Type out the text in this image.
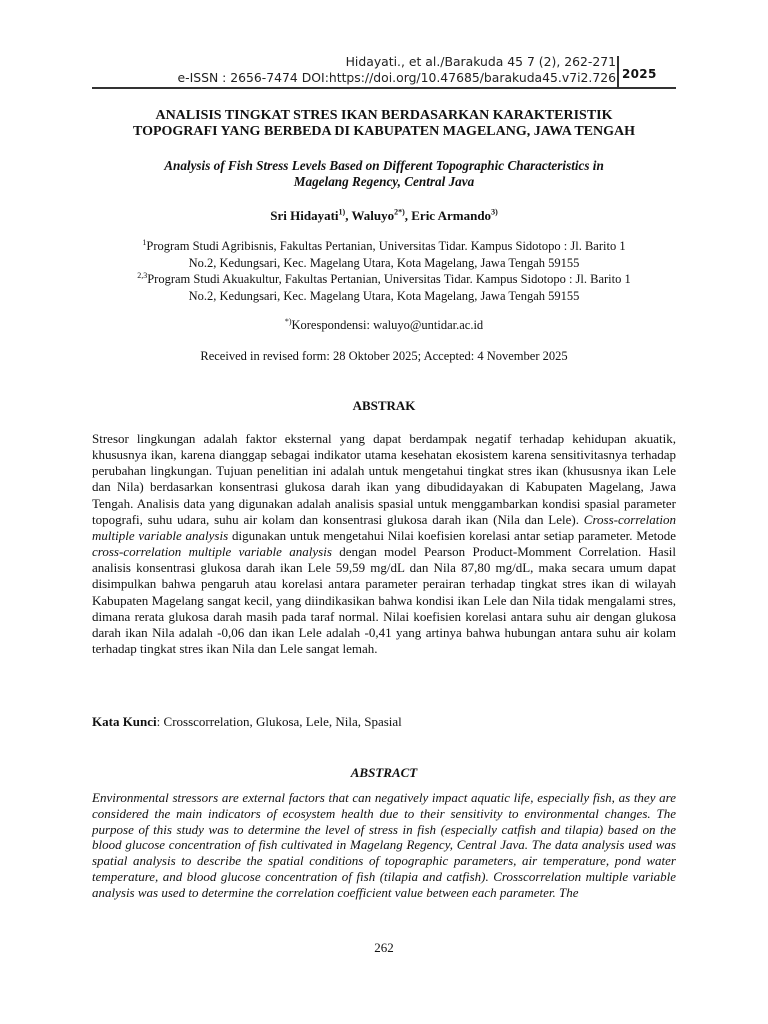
Hidayati., et al./Barakuda 45 7 (2), 262-271
e-ISSN : 2656-7474 DOI:https://doi.org/10.47685/barakuda45.v7i2.726 2025
ANALISIS TINGKAT STRES IKAN BERDASARKAN KARAKTERISTIK
TOPOGRAFI YANG BERBEDA DI KABUPATEN MAGELANG, JAWA TENGAH
Analysis of Fish Stress Levels Based on Different Topographic Characteristics in
Magelang Regency, Central Java
Sri Hidayati$^{1)}$, Waluyo$^{2*)}$, Eric Armando$^{3)}$

$^1$Program Studi Agribisnis, Fakultas Pertanian, Universitas Tidar. Kampus Sidotopo : Jl. Barito 1
No.2, Kedungsari, Kec. Magelang Utara, Kota Magelang, Jawa Tengah 59155

$^{2,3}$Program Studi Akuakultur, Fakultas Pertanian, Universitas Tidar. Kampus Sidotopo : Jl. Barito 1
No.2, Kedungsari, Kec. Magelang Utara, Kota Magelang, Jawa Tengah 59155

*)Korespondensi: waluyo@untidar.ac.id
Received in revised form: 28 Oktober 2025; Accepted: 4 November 2025
ABSTRAK
Stresor lingkungan adalah faktor eksternal yang dapat berdampak negatif terhadap kehidupan akuatik, khususnya ikan, karena dianggap sebagai indikator utama kesehatan ekosistem karena sensitivitasnya terhadap perubahan lingkungan. Tujuan penelitian ini adalah untuk mengetahui tingkat stres ikan (khususnya ikan Lele dan Nila) berdasarkan konsentrasi glukosa darah ikan yang dibudidayakan di Kabupaten Magelang, Jawa Tengah. Analisis data yang digunakan adalah analisis spasial untuk menggambarkan kondisi spasial parameter topografi, suhu udara, suhu air kolam dan konsentrasi glukosa darah ikan (Nila dan Lele). Cross-correlation multiple variable analysis digunakan untuk mengetahui Nilai koefisien korelasi antar setiap parameter. Metode cross-correlation multiple variable analysis dengan model Pearson Product-Momment Correlation. Hasil analisis konsentrasi glukosa darah ikan Lele 59,59 mg/dL dan Nila 87,80 mg/dL, maka secara umum dapat disimpulkan bahwa pengaruh atau korelasi antara parameter perairan terhadap tingkat stres ikan di wilayah Kabupaten Magelang sangat kecil, yang diindikasikan bahwa kondisi ikan Lele dan Nila tidak mengalami stres, dimana rerata glukosa darah masih pada taraf normal. Nilai koefisien korelasi antara suhu air dengan glukosa darah ikan Nila adalah -0,06 dan ikan Lele adalah -0,41 yang artinya bahwa hubungan antara suhu air kolam terhadap tingkat stres ikan Nila dan Lele sangat lemah.
Kata Kunci: Crosscorrelation, Glukosa, Lele, Nila, Spasial
ABSTRACT
Environmental stressors are external factors that can negatively impact aquatic life, especially fish, as they are considered the main indicators of ecosystem health due to their sensitivity to environmental changes. The purpose of this study was to determine the level of stress in fish (especially catfish and tilapia) based on the blood glucose concentration of fish cultivated in Magelang Regency, Central Java. The data analysis used was spatial analysis to describe the spatial conditions of topographic parameters, air temperature, pond water temperature, and blood glucose concentration of fish (tilapia and catfish). Crosscorrelation multiple variable analysis was used to determine the correlation coefficient value between each parameter. The
262
